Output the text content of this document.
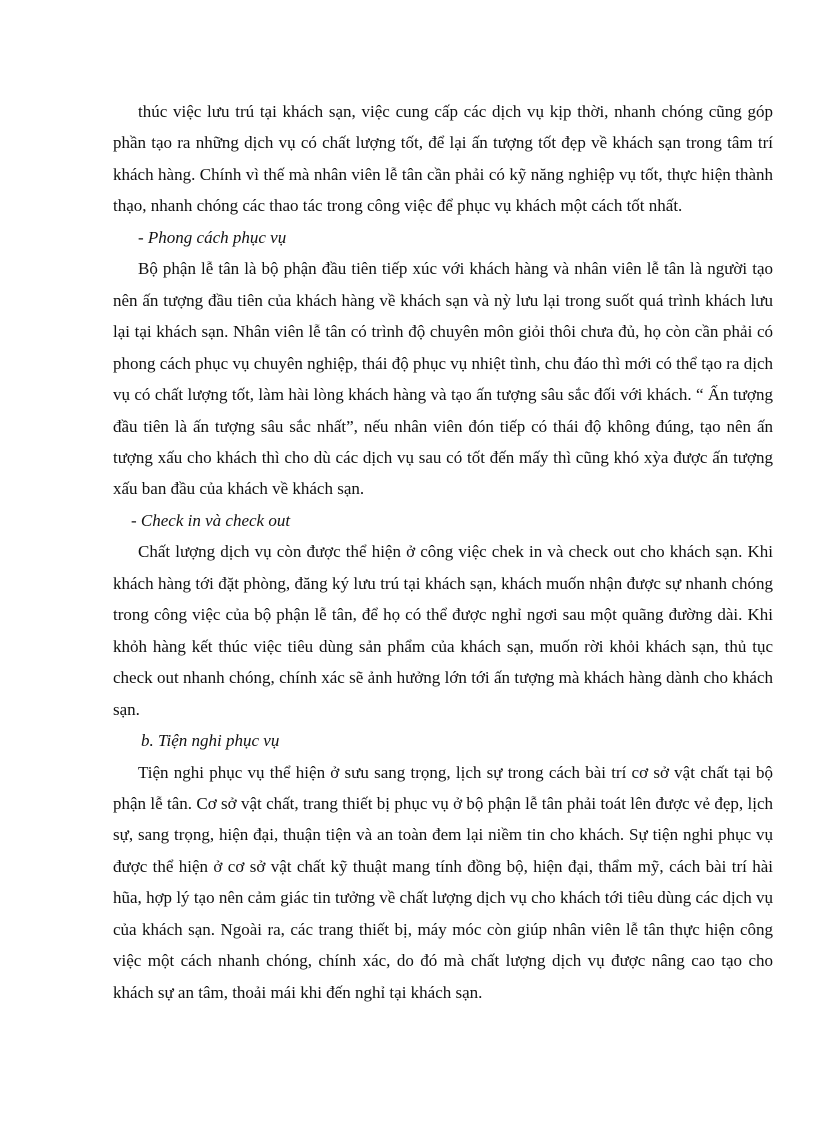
thúc việc lưu trú tại khách sạn, việc cung cấp các dịch vụ kịp thời, nhanh chóng cũng góp phần tạo ra những dịch vụ có chất lượng tốt, để lại ấn tượng tốt đẹp về khách sạn trong tâm trí khách hàng. Chính vì thế mà nhân viên lễ tân cần phải có kỹ năng nghiệp vụ tốt, thực hiện thành thạo, nhanh chóng các thao tác trong công việc để phục vụ khách một cách tốt nhất.

- Phong cách phục vụ

Bộ phận lễ tân là bộ phận đầu tiên tiếp xúc với khách hàng và nhân viên lễ tân là người tạo nên ấn tượng đầu tiên của khách hàng về khách sạn và nỳ lưu lại trong suốt quá trình khách lưu lại tại khách sạn. Nhân viên lễ tân có trình độ chuyên môn giỏi thôi chưa đủ, họ còn cần phải có phong cách phục vụ chuyên nghiệp, thái độ phục vụ nhiệt tình, chu đáo thì mới có thể tạo ra dịch vụ có chất lượng tốt, làm hài lòng khách hàng và tạo ấn tượng sâu sắc đối với khách. “ Ấn tượng đầu tiên là ấn tượng sâu sắc nhất”, nếu nhân viên đón tiếp có thái độ không đúng, tạo nên ấn tượng xấu cho khách thì cho dù các dịch vụ sau có tốt đến mấy thì cũng khó xỳa được ấn tượng xấu ban đầu của khách về khách sạn.

- Check in và check out

Chất lượng dịch vụ còn được thể hiện ở công việc chek in và check out cho khách sạn. Khi khách hàng tới đặt phòng, đăng ký lưu trú tại khách sạn, khách muốn nhận được sự nhanh chóng trong công việc của bộ phận lễ tân, để họ có thể được nghỉ ngơi sau một quãng đường dài. Khi khỏh hàng kết thúc việc tiêu dùng sản phẩm của khách sạn, muốn rời khỏi khách sạn, thủ tục check out nhanh chóng, chính xác sẽ ảnh hưởng lớn tới ấn tượng mà khách hàng dành cho khách sạn.

b. Tiện nghi phục vụ

Tiện nghi phục vụ thể hiện ở sưu sang trọng, lịch sự trong cách bài trí cơ sở vật chất tại bộ phận lễ tân. Cơ sở vật chất, trang thiết bị phục vụ ở bộ phận lễ tân phải toát lên được vẻ đẹp, lịch sự, sang trọng, hiện đại, thuận tiện và an toàn đem lại niềm tin cho khách. Sự tiện nghi phục vụ được thể hiện ở cơ sở vật chất kỹ thuật mang tính đồng bộ, hiện đại, thẩm mỹ, cách bài trí hài hũa, hợp lý tạo nên cảm giác tin tưởng về chất lượng dịch vụ cho khách tới tiêu dùng các dịch vụ của khách sạn. Ngoài ra, các trang thiết bị, máy móc còn giúp nhân viên lễ tân thực hiện công việc một cách nhanh chóng, chính xác, do đó mà chất lượng dịch vụ được nâng cao tạo cho khách sự an tâm, thoải mái khi đến nghỉ tại khách sạn.
